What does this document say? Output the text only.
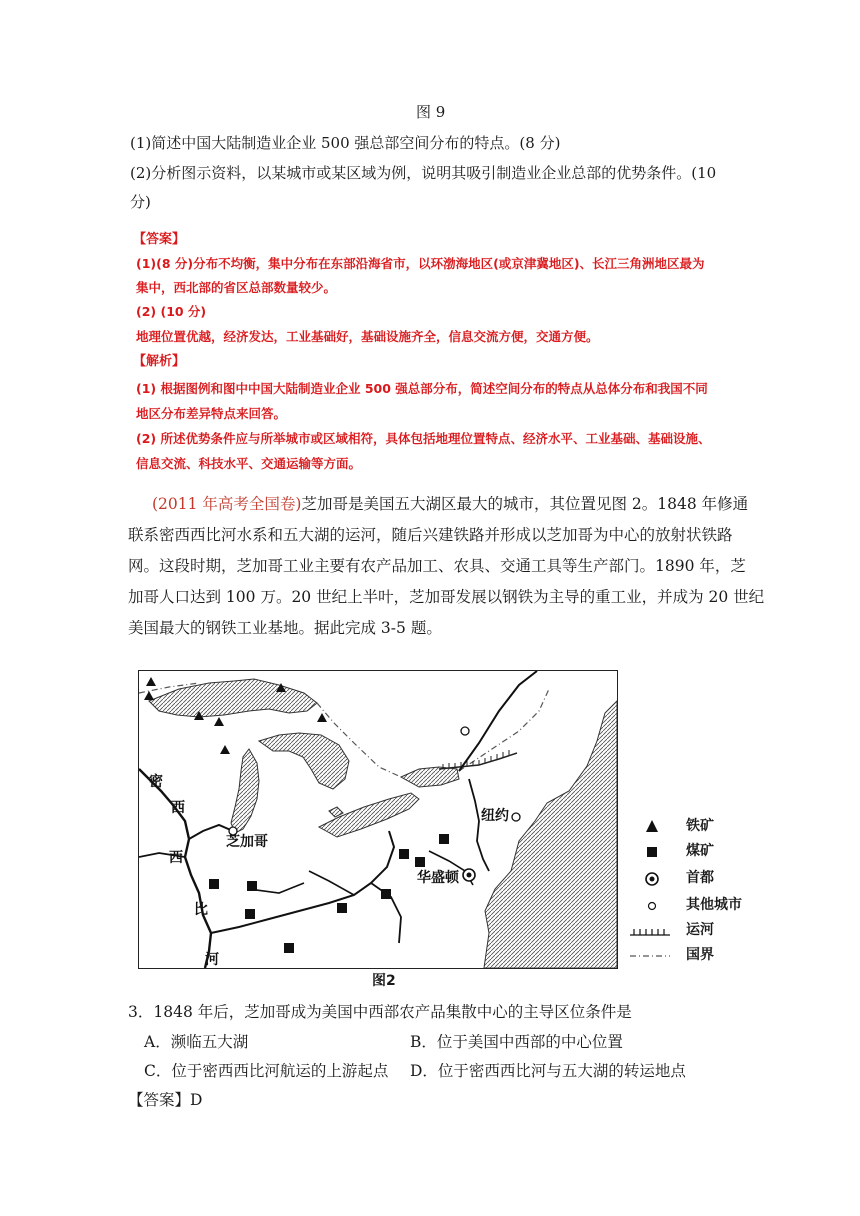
图 9
(1)简述中国大陆制造业企业 500 强总部空间分布的特点。(8 分)
(2)分析图示资料，以某城市或某区域为例，说明其吸引制造业企业总部的优势条件。(10
分)
【答案】
(1)(8 分)分布不均衡，集中分布在东部沿海省市，以环渤海地区(或京津冀地区)、长江三角洲地区最为
集中，西北部的省区总部数量较少。
(2) (10 分)
地理位置优越，经济发达，工业基础好，基础设施齐全，信息交流方便，交通方便。
【解析】
(1) 根据图例和图中中国大陆制造业企业 500 强总部分布，简述空间分布的特点从总体分布和我国不同
地区分布差异特点来回答。
(2) 所述优势条件应与所举城市或区域相符，具体包括地理位置特点、经济水平、工业基础、基础设施、
信息交流、科技水平、交通运输等方面。
(2011 年高考全国卷)芝加哥是美国五大湖区最大的城市，其位置见图 2。1848 年修通
联系密西西比河水系和五大湖的运河，随后兴建铁路并形成以芝加哥为中心的放射状铁路
网。这段时期，芝加哥工业主要有农产品加工、农具、交通工具等生产部门。1890 年，芝
加哥人口达到 100 万。20 世纪上半叶，芝加哥发展以钢铁为主导的重工业，并成为 20 世纪
美国最大的钢铁工业基地。据此完成 3-5 题。
密
西
西
比
河
芝加哥
纽约
华盛顿
图2
铁矿
煤矿
首都
其他城市
运河
国界
3．1848 年后，芝加哥成为美国中西部农产品集散中心的主导区位条件是
A．濒临五大湖	B．位于美国中西部的中心位置
C．位于密西西比河航运的上游起点 D．位于密西西比河与五大湖的转运地点
【答案】D
